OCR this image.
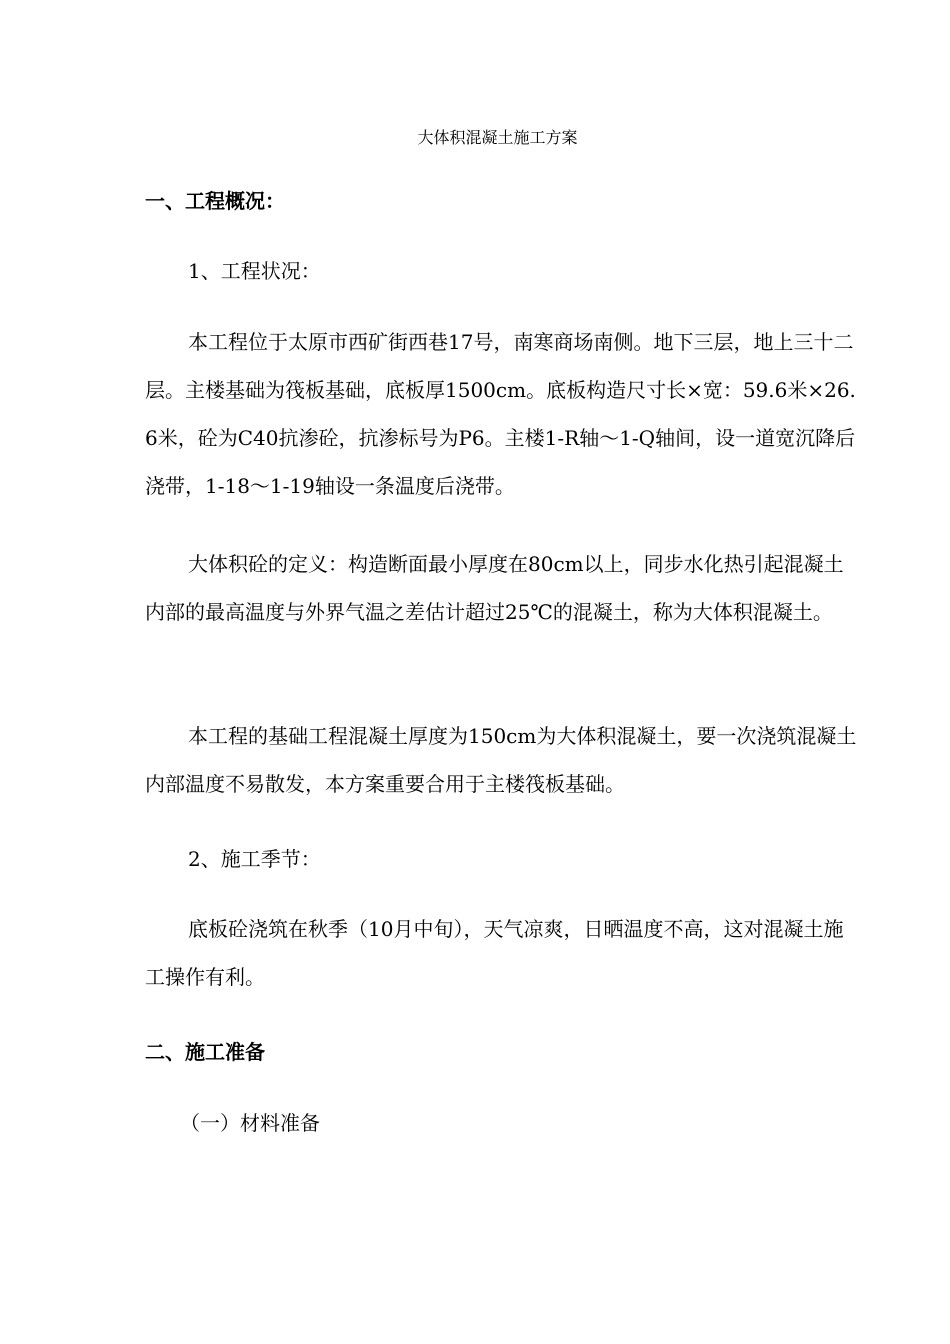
大体积混凝土施工方案
一、工程概况：
1、工程状况：

本工程位于太原市西矿街西巷17号，南寒商场南侧。地下三层，地上三十二层。主楼基础为筏板基础，底板厚1500cm。底板构造尺寸长×宽：59.6米×26.6米，砼为C40抗渗砼，抗渗标号为P6。主楼1-R轴～1-Q轴间，设一道宽沉降后浇带，1-18～1-19轴设一条温度后浇带。

大体积砼的定义：构造断面最小厚度在80cm以上，同步水化热引起混凝土内部的最高温度与外界气温之差估计超过25℃的混凝土，称为大体积混凝土。

本工程的基础工程混凝土厚度为150cm为大体积混凝土，要一次浇筑混凝土内部温度不易散发，本方案重要合用于主楼筏板基础。

2、施工季节：

底板砼浇筑在秋季（10月中旬），天气凉爽，日晒温度不高，这对混凝土施工操作有利。

二、施工准备
（一）材料准备
